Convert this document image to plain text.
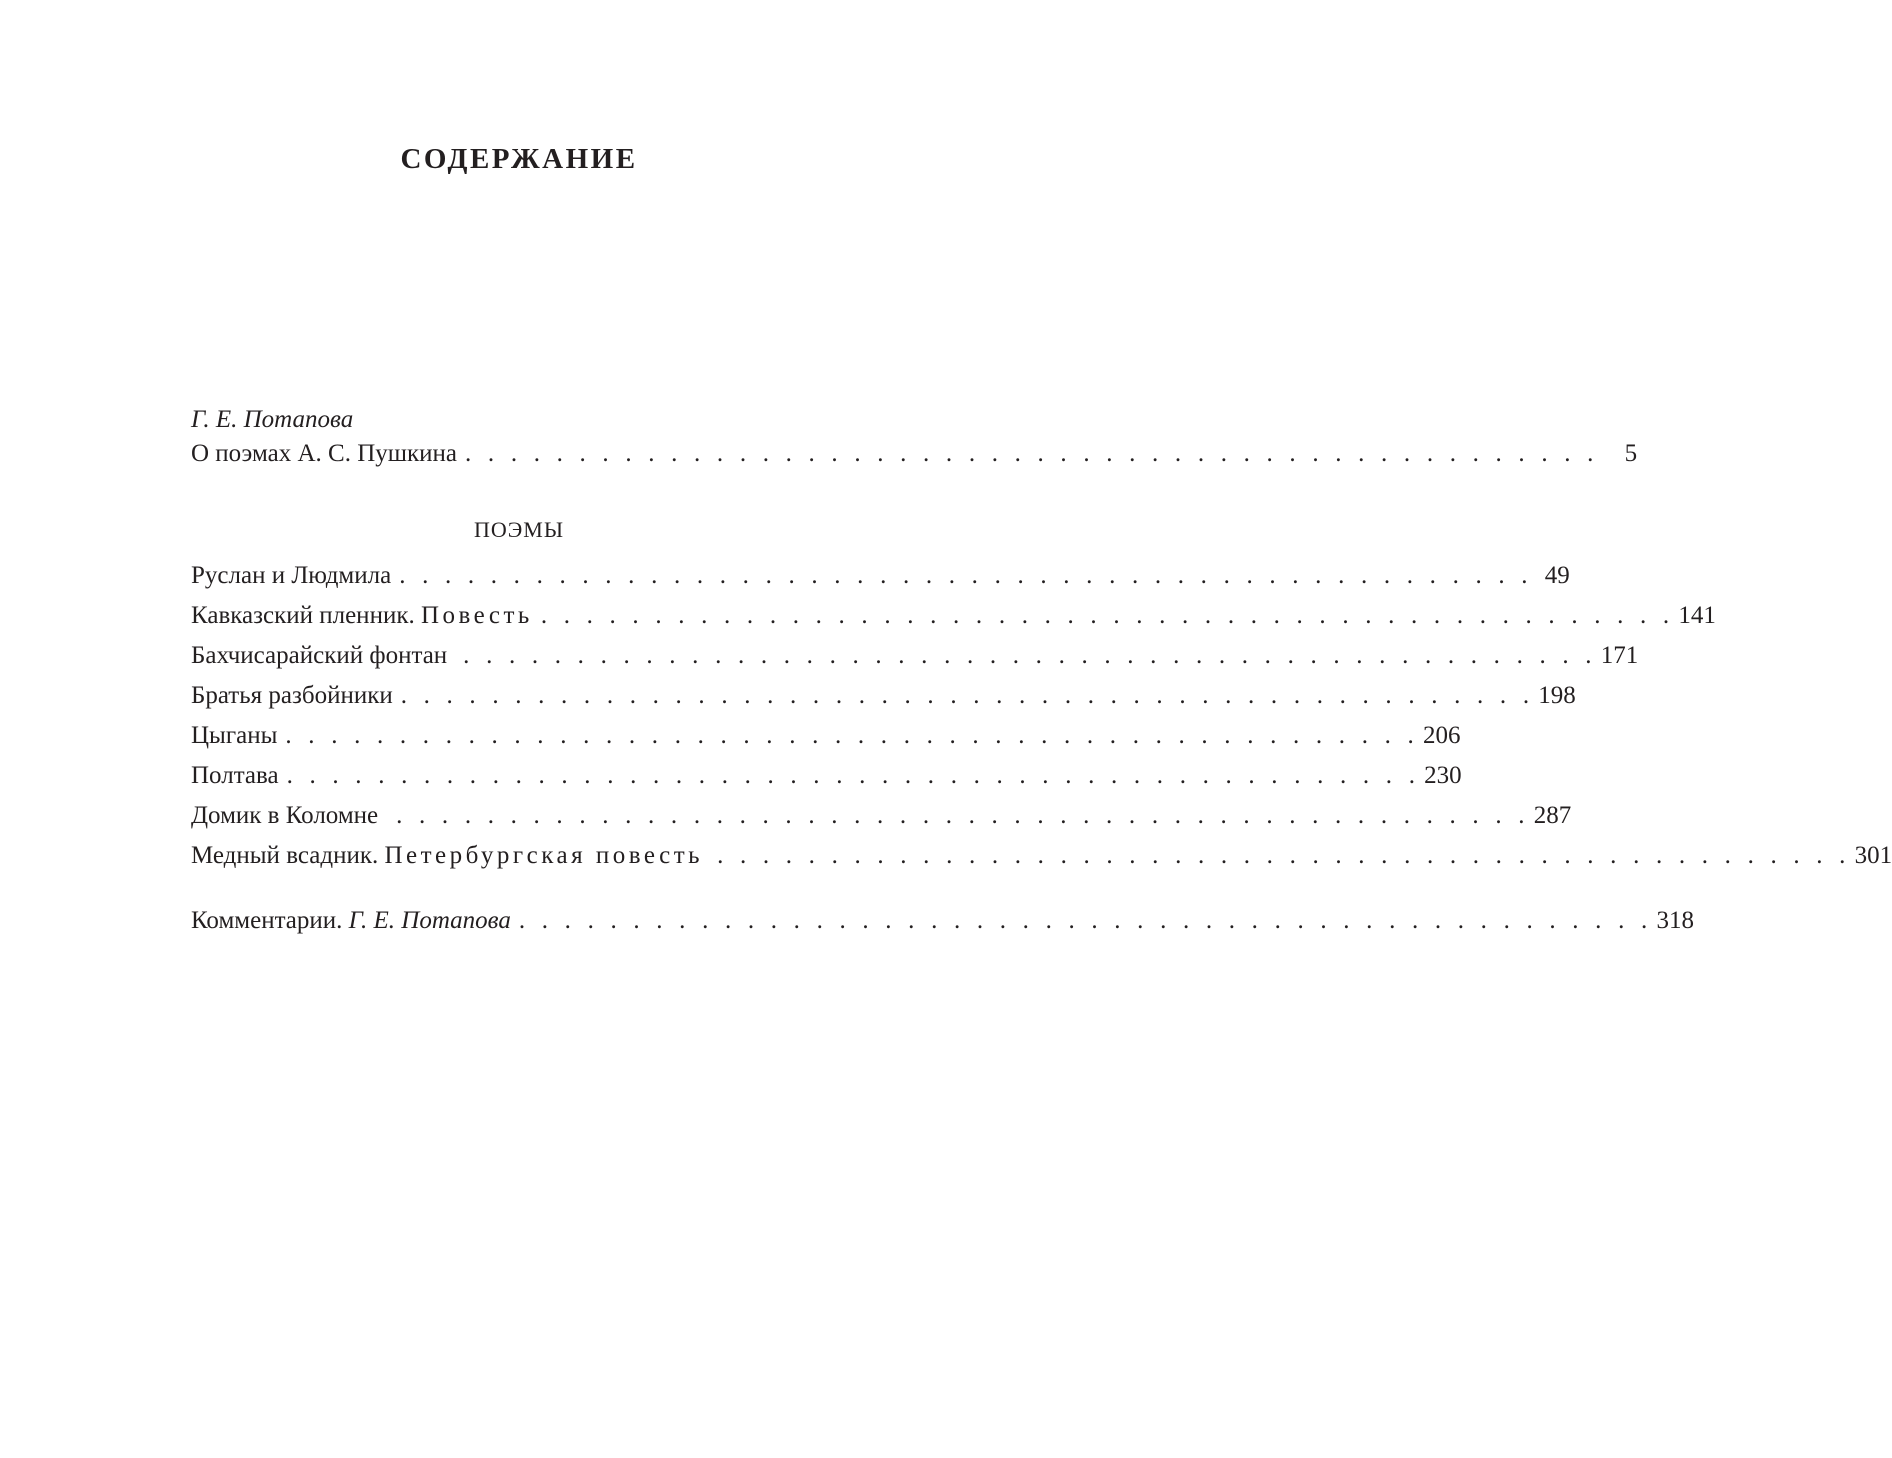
СОДЕРЖАНИЕ
Г. Е. Потапова
О поэмах А. С. Пушкина . . . . . . . . . . . . . . . . . . . . . . . . . . . . . . . . . . . . . . . . . . . . . . . . . . 5
ПОЭМЫ
Руслан и Людмила . . . . . . . . . . . . . . . . . . . . . . . . . . . . . . . . . . . . . . . . . . . . . . . . . . 49
Кавказский пленник. Повесть . . . . . . . . . . . . . . . . . . . . . . . . . . . . . . . . . . . . . . . . . . . . . . . . . . 141
Бахчисарайский фонтан . . . . . . . . . . . . . . . . . . . . . . . . . . . . . . . . . . . . . . . . . . . . . . . . . . 171
Братья разбойники . . . . . . . . . . . . . . . . . . . . . . . . . . . . . . . . . . . . . . . . . . . . . . . . . . 198
Цыганы . . . . . . . . . . . . . . . . . . . . . . . . . . . . . . . . . . . . . . . . . . . . . . . . . . 206
Полтава . . . . . . . . . . . . . . . . . . . . . . . . . . . . . . . . . . . . . . . . . . . . . . . . . . 230
Домик в Коломне . . . . . . . . . . . . . . . . . . . . . . . . . . . . . . . . . . . . . . . . . . . . . . . . . . 287
Медный всадник. Петербургская повесть . . . . . . . . . . . . . . . . . . . . . . . . . . . . . . . . . . . . . . . . . . . . . . . . . . 301
Комментарии. Г. Е. Потапова . . . . . . . . . . . . . . . . . . . . . . . . . . . . . . . . . . . . . . . . . . . . . . . . . . 318
